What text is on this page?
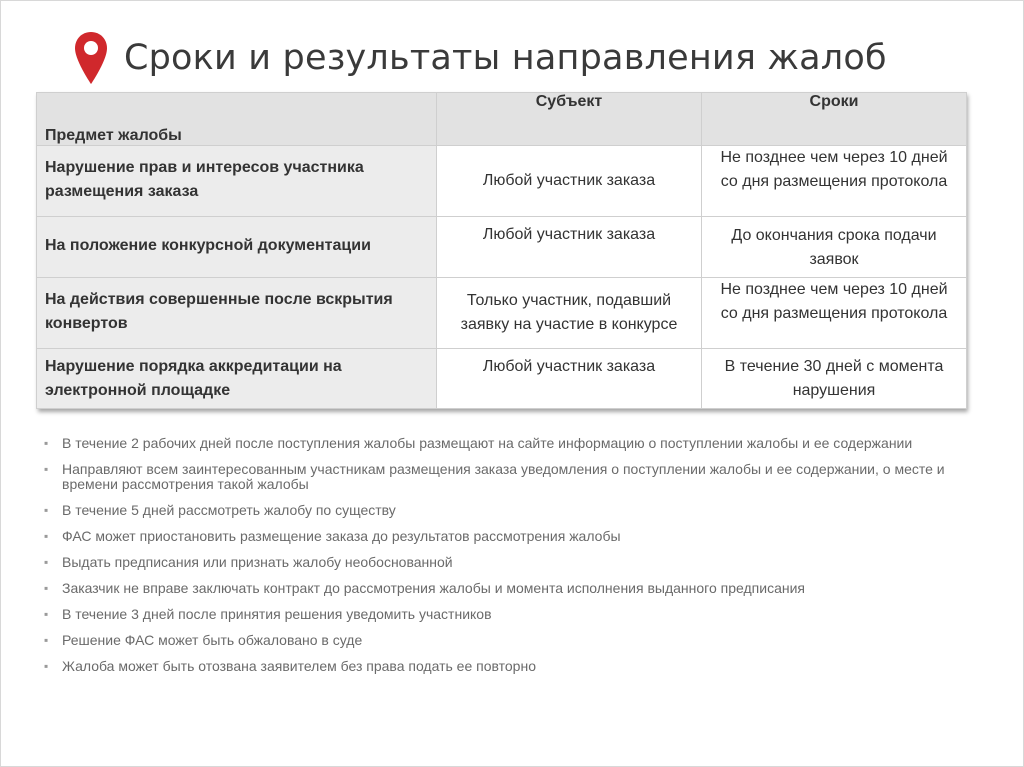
Сроки и результаты направления жалоб
Предмет жалобы	Субъект	Сроки
Нарушение прав и интересов участника размещения заказа	Любой участник заказа	Не позднее чем через 10 дней со дня размещения протокола
На положение конкурсной документации	Любой участник заказа	До окончания срока подачи заявок
На действия совершенные после вскрытия конвертов	Только участник, подавший заявку на участие в конкурсе	Не позднее чем через 10 дней со дня размещения протокола
Нарушение порядка аккредитации на электронной площадке	Любой участник заказа	В течение 30 дней с момента нарушения
▪ В течение 2 рабочих дней после поступления жалобы размещают на сайте информацию о поступлении жалобы и ее содержании
▪ Направляют всем заинтересованным участникам размещения заказа уведомления о поступлении жалобы и ее содержании, о месте и времени рассмотрения такой жалобы
▪ В течение 5 дней рассмотреть жалобу по существу
▪ ФАС может приостановить размещение заказа до результатов рассмотрения жалобы
▪ Выдать предписания или признать жалобу необоснованной
▪ Заказчик не вправе заключать контракт до рассмотрения жалобы и момента исполнения выданного предписания
▪ В течение 3 дней после принятия решения уведомить участников
▪ Решение ФАС может быть обжаловано в суде
▪ Жалоба может быть отозвана заявителем без права подать ее повторно
